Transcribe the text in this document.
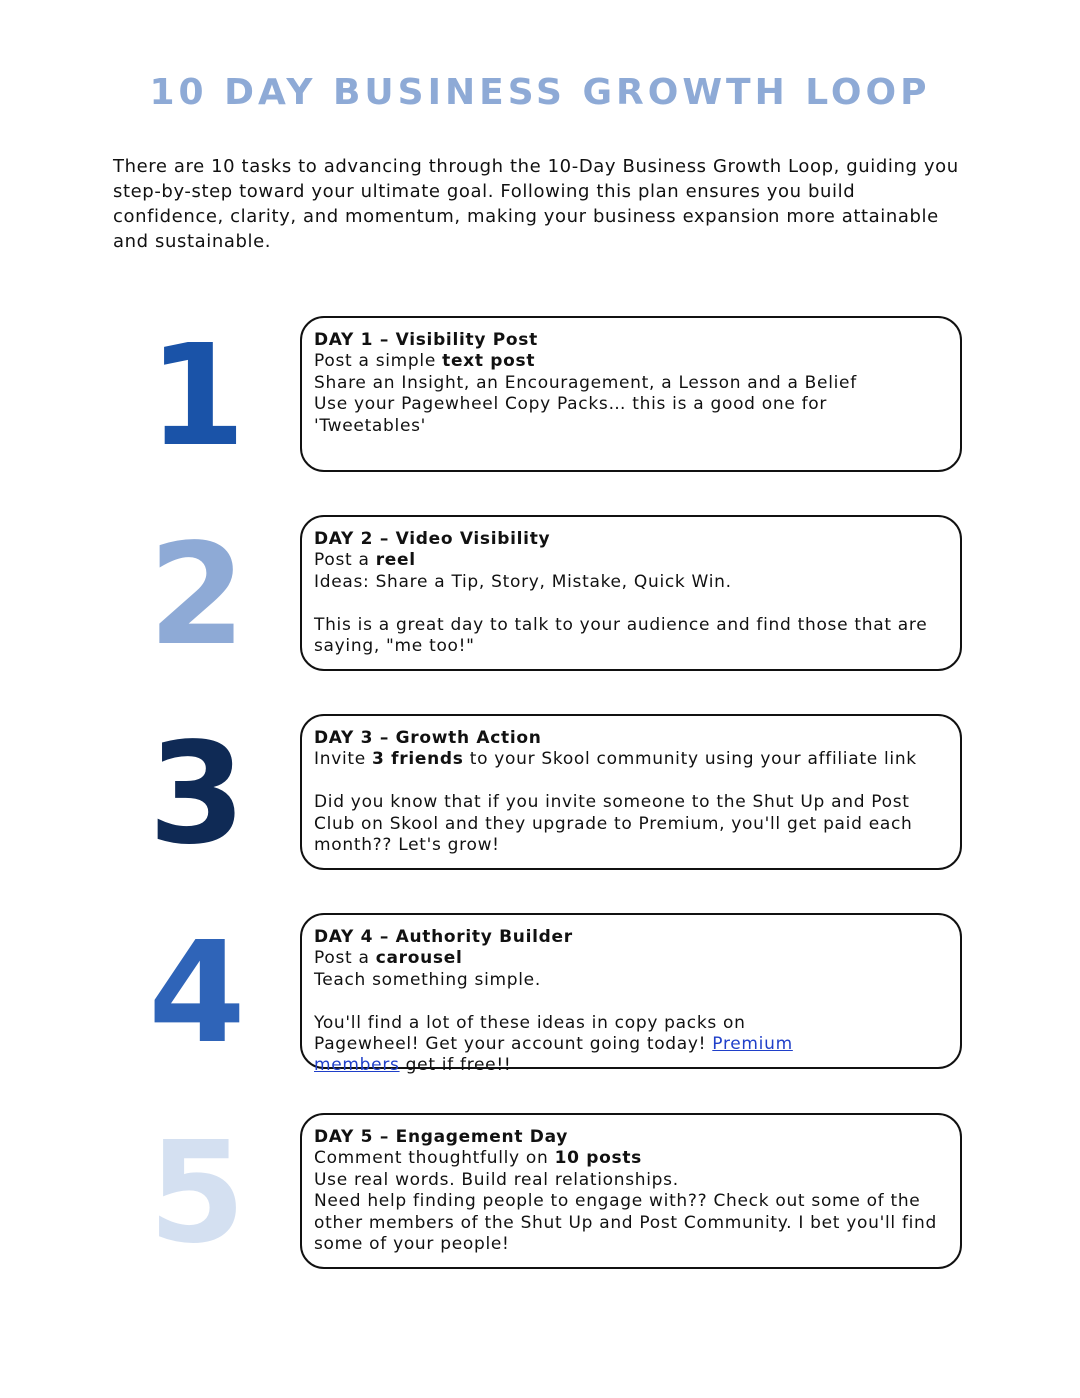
10 DAY BUSINESS GROWTH LOOP

There are 10 tasks to advancing through the 10-Day Business Growth Loop, guiding you step-by-step toward your ultimate goal. Following this plan ensures you build confidence, clarity, and momentum, making your business expansion more attainable and sustainable.

1	DAY 1 – Visibility Post
Post a simple text post
Share an Insight, an Encouragement, a Lesson and a Belief
Use your Pagewheel Copy Packs… this is a good one for 'Tweetables'
2	DAY 2 – Video Visibility
Post a reel
Ideas: Share a Tip, Story, Mistake, Quick Win.
This is a great day to talk to your audience and find those that are saying, "me too!"
3	DAY 3 – Growth Action
Invite 3 friends to your Skool community using your affiliate link
Did you know that if you invite someone to the Shut Up and Post Club on Skool and they upgrade to Premium, you'll get paid each month?? Let's grow!
4	DAY 4 – Authority Builder
Post a carousel
Teach something simple.
You'll find a lot of these ideas in copy packs on Pagewheel! Get your account going today! Premium members get if free!!
5	DAY 5 – Engagement Day
Comment thoughtfully on 10 posts
Use real words. Build real relationships.
Need help finding people to engage with?? Check out some of the other members of the Shut Up and Post Community. I bet you'll find some of your people!
